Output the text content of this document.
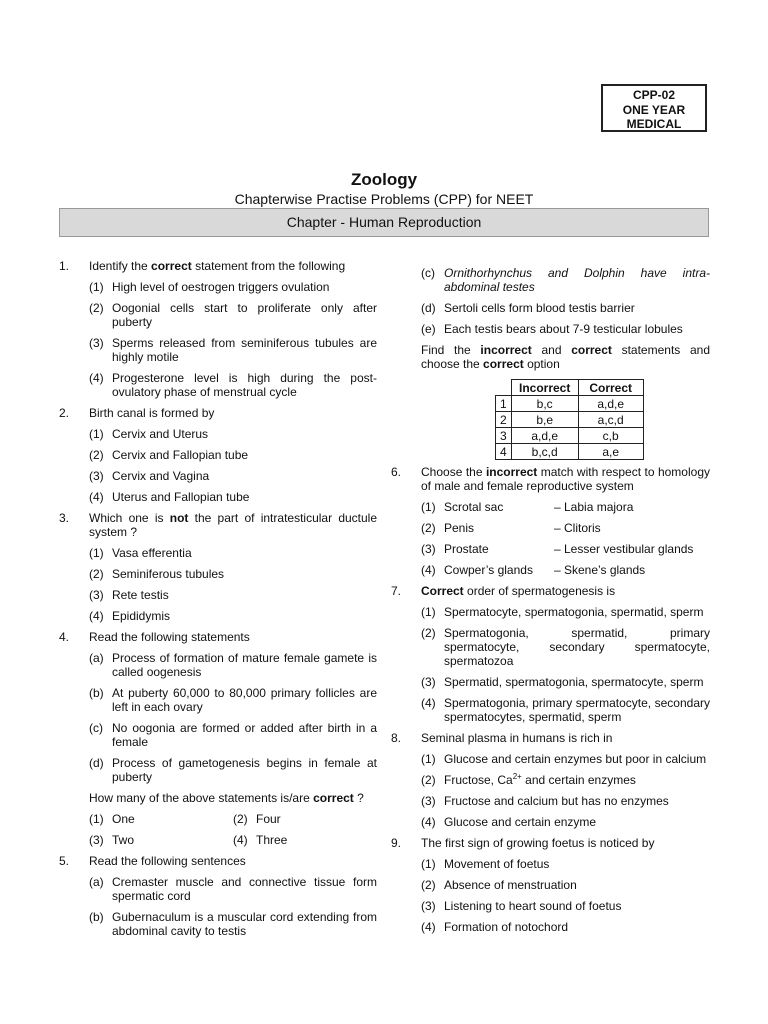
CPP-02
ONE YEAR
MEDICAL
Zoology
Chapterwise Practise Problems (CPP) for NEET
Chapter - Human Reproduction
1. Identify the correct statement from the following
(1) High level of oestrogen triggers ovulation
(2) Oogonial cells start to proliferate only after puberty
(3) Sperms released from seminiferous tubules are highly motile
(4) Progesterone level is high during the post-ovulatory phase of menstrual cycle
2. Birth canal is formed by
(1) Cervix and Uterus
(2) Cervix and Fallopian tube
(3) Cervix and Vagina
(4) Uterus and Fallopian tube
3. Which one is not the part of intratesticular ductule system ?
(1) Vasa efferentia
(2) Seminiferous tubules
(3) Rete testis
(4) Epididymis
4. Read the following statements
(a) Process of formation of mature female gamete is called oogenesis
(b) At puberty 60,000 to 80,000 primary follicles are left in each ovary
(c) No oogonia are formed or added after birth in a female
(d) Process of gametogenesis begins in female at puberty
How many of the above statements is/are correct ?
(1) One	(2) Four
(3) Two	(4) Three
5. Read the following sentences
(a) Cremaster muscle and connective tissue form spermatic cord
(b) Gubernaculum is a muscular cord extending from abdominal cavity to testis
(c) Ornithorhynchus and Dolphin have intra-abdominal testes
(d) Sertoli cells form blood testis barrier
(e) Each testis bears about 7-9 testicular lobules
Find the incorrect and correct statements and choose the correct option
	Incorrect	Correct
1	b,c	a,d,e
2	b,e	a,c,d
3	a,d,e	c,b
4	b,c,d	a,e
6. Choose the incorrect match with respect to homology of male and female reproductive system
(1) Scrotal sac	– Labia majora
(2) Penis	– Clitoris
(3) Prostate	– Lesser vestibular glands
(4) Cowper’s glands	– Skene’s glands
7. Correct order of spermatogenesis is
(1) Spermatocyte, spermatogonia, spermatid, sperm
(2) Spermatogonia, spermatid, primary spermatocyte, secondary spermatocyte, spermatozoa
(3) Spermatid, spermatogonia, spermatocyte, sperm
(4) Spermatogonia, primary spermatocyte, secondary spermatocytes, spermatid, sperm
8. Seminal plasma in humans is rich in
(1) Glucose and certain enzymes but poor in calcium
(2) Fructose, $Ca^{2+}$ and certain enzymes
(3) Fructose and calcium but has no enzymes
(4) Glucose and certain enzyme
9. The first sign of growing foetus is noticed by
(1) Movement of foetus
(2) Absence of menstruation
(3) Listening to heart sound of foetus
(4) Formation of notochord
